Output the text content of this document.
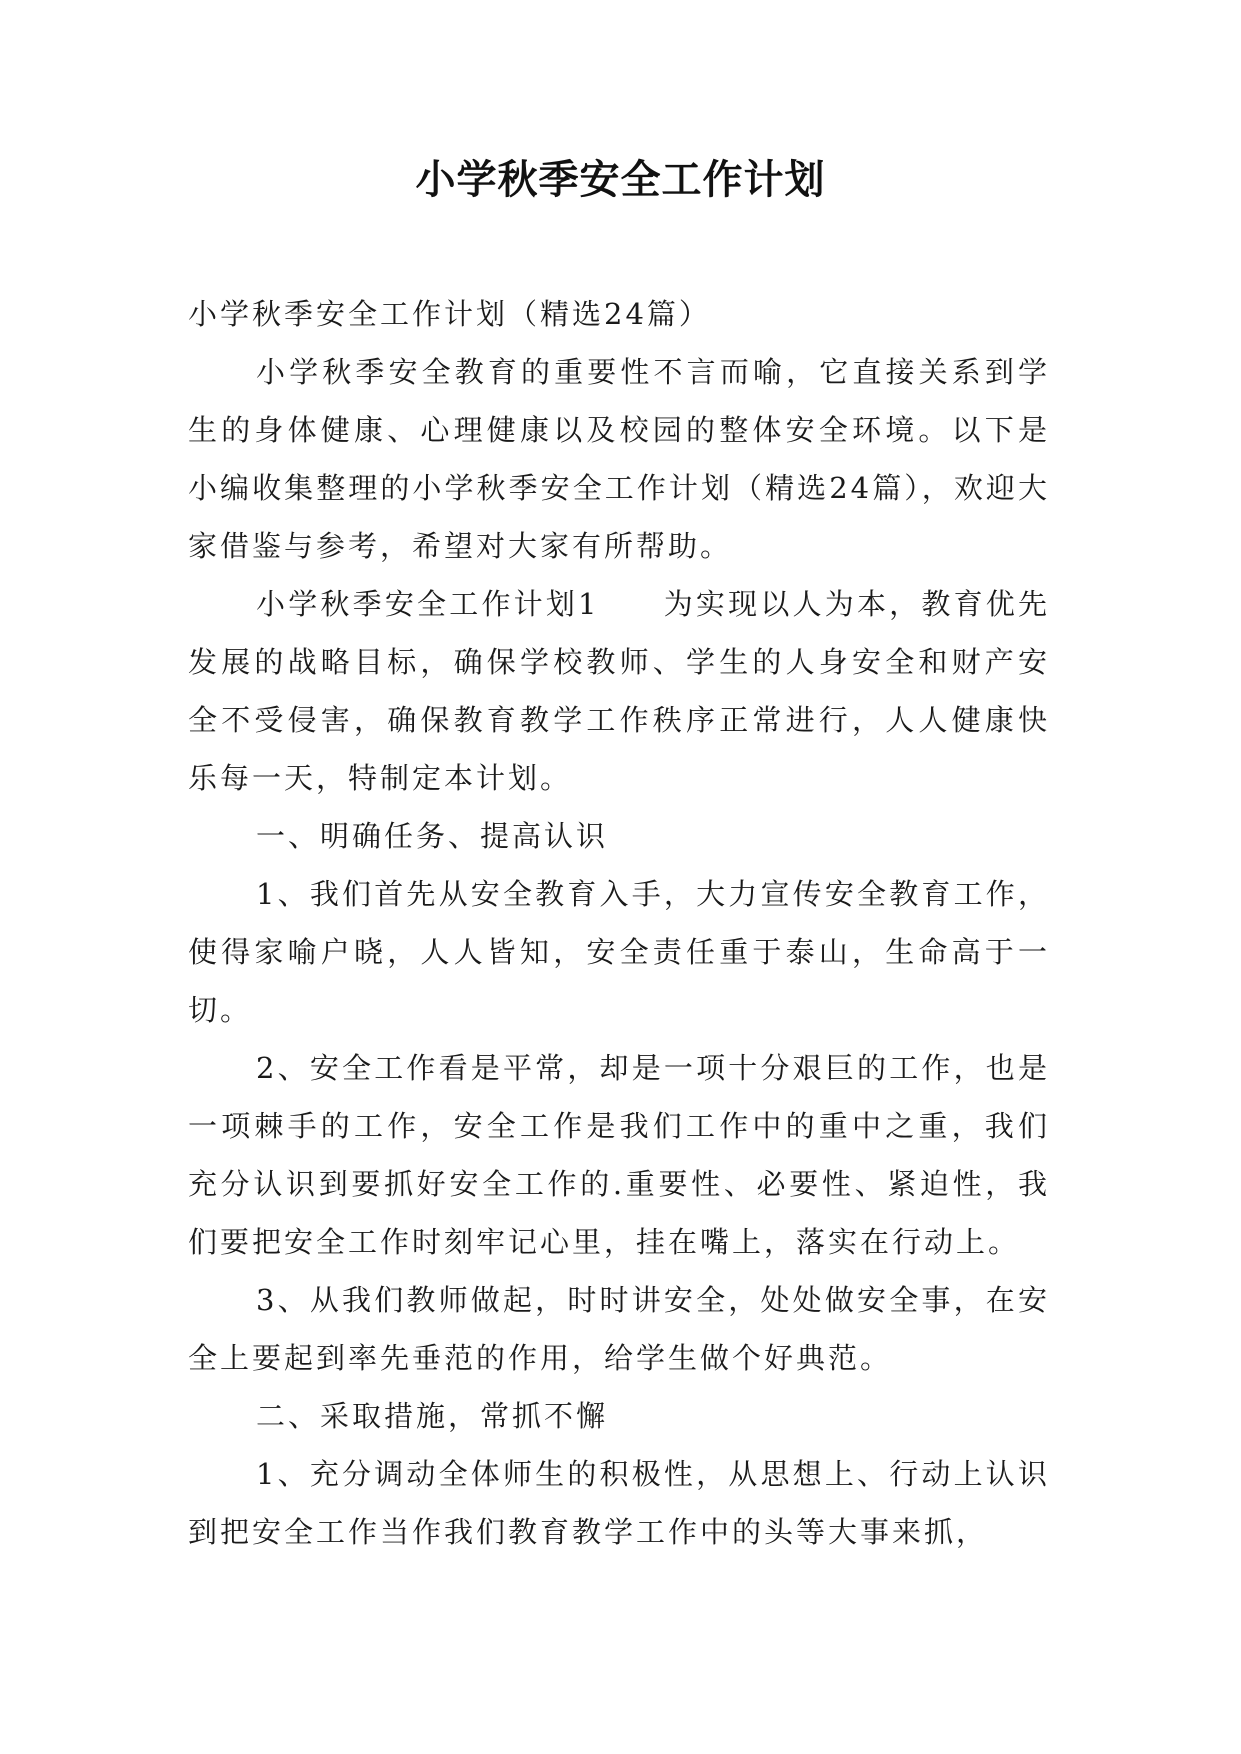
小学秋季安全工作计划

小学秋季安全工作计划（精选24篇）

小学秋季安全教育的重要性不言而喻，它直接关系到学生的身体健康、心理健康以及校园的整体安全环境。以下是小编收集整理的小学秋季安全工作计划（精选24篇），欢迎大家借鉴与参考，希望对大家有所帮助。

小学秋季安全工作计划1 为实现以人为本，教育优先发展的战略目标，确保学校教师、学生的人身安全和财产安全不受侵害，确保教育教学工作秩序正常进行，人人健康快乐每一天，特制定本计划。

一、明确任务、提高认识

1、我们首先从安全教育入手，大力宣传安全教育工作，使得家喻户晓，人人皆知，安全责任重于泰山，生命高于一切。

2、安全工作看是平常，却是一项十分艰巨的工作，也是一项棘手的工作，安全工作是我们工作中的重中之重，我们充分认识到要抓好安全工作的.重要性、必要性、紧迫性，我们要把安全工作时刻牢记心里，挂在嘴上，落实在行动上。

3、从我们教师做起，时时讲安全，处处做安全事，在安全上要起到率先垂范的作用，给学生做个好典范。

二、采取措施，常抓不懈

1、充分调动全体师生的积极性，从思想上、行动上认识到把安全工作当作我们教育教学工作中的头等大事来抓，
